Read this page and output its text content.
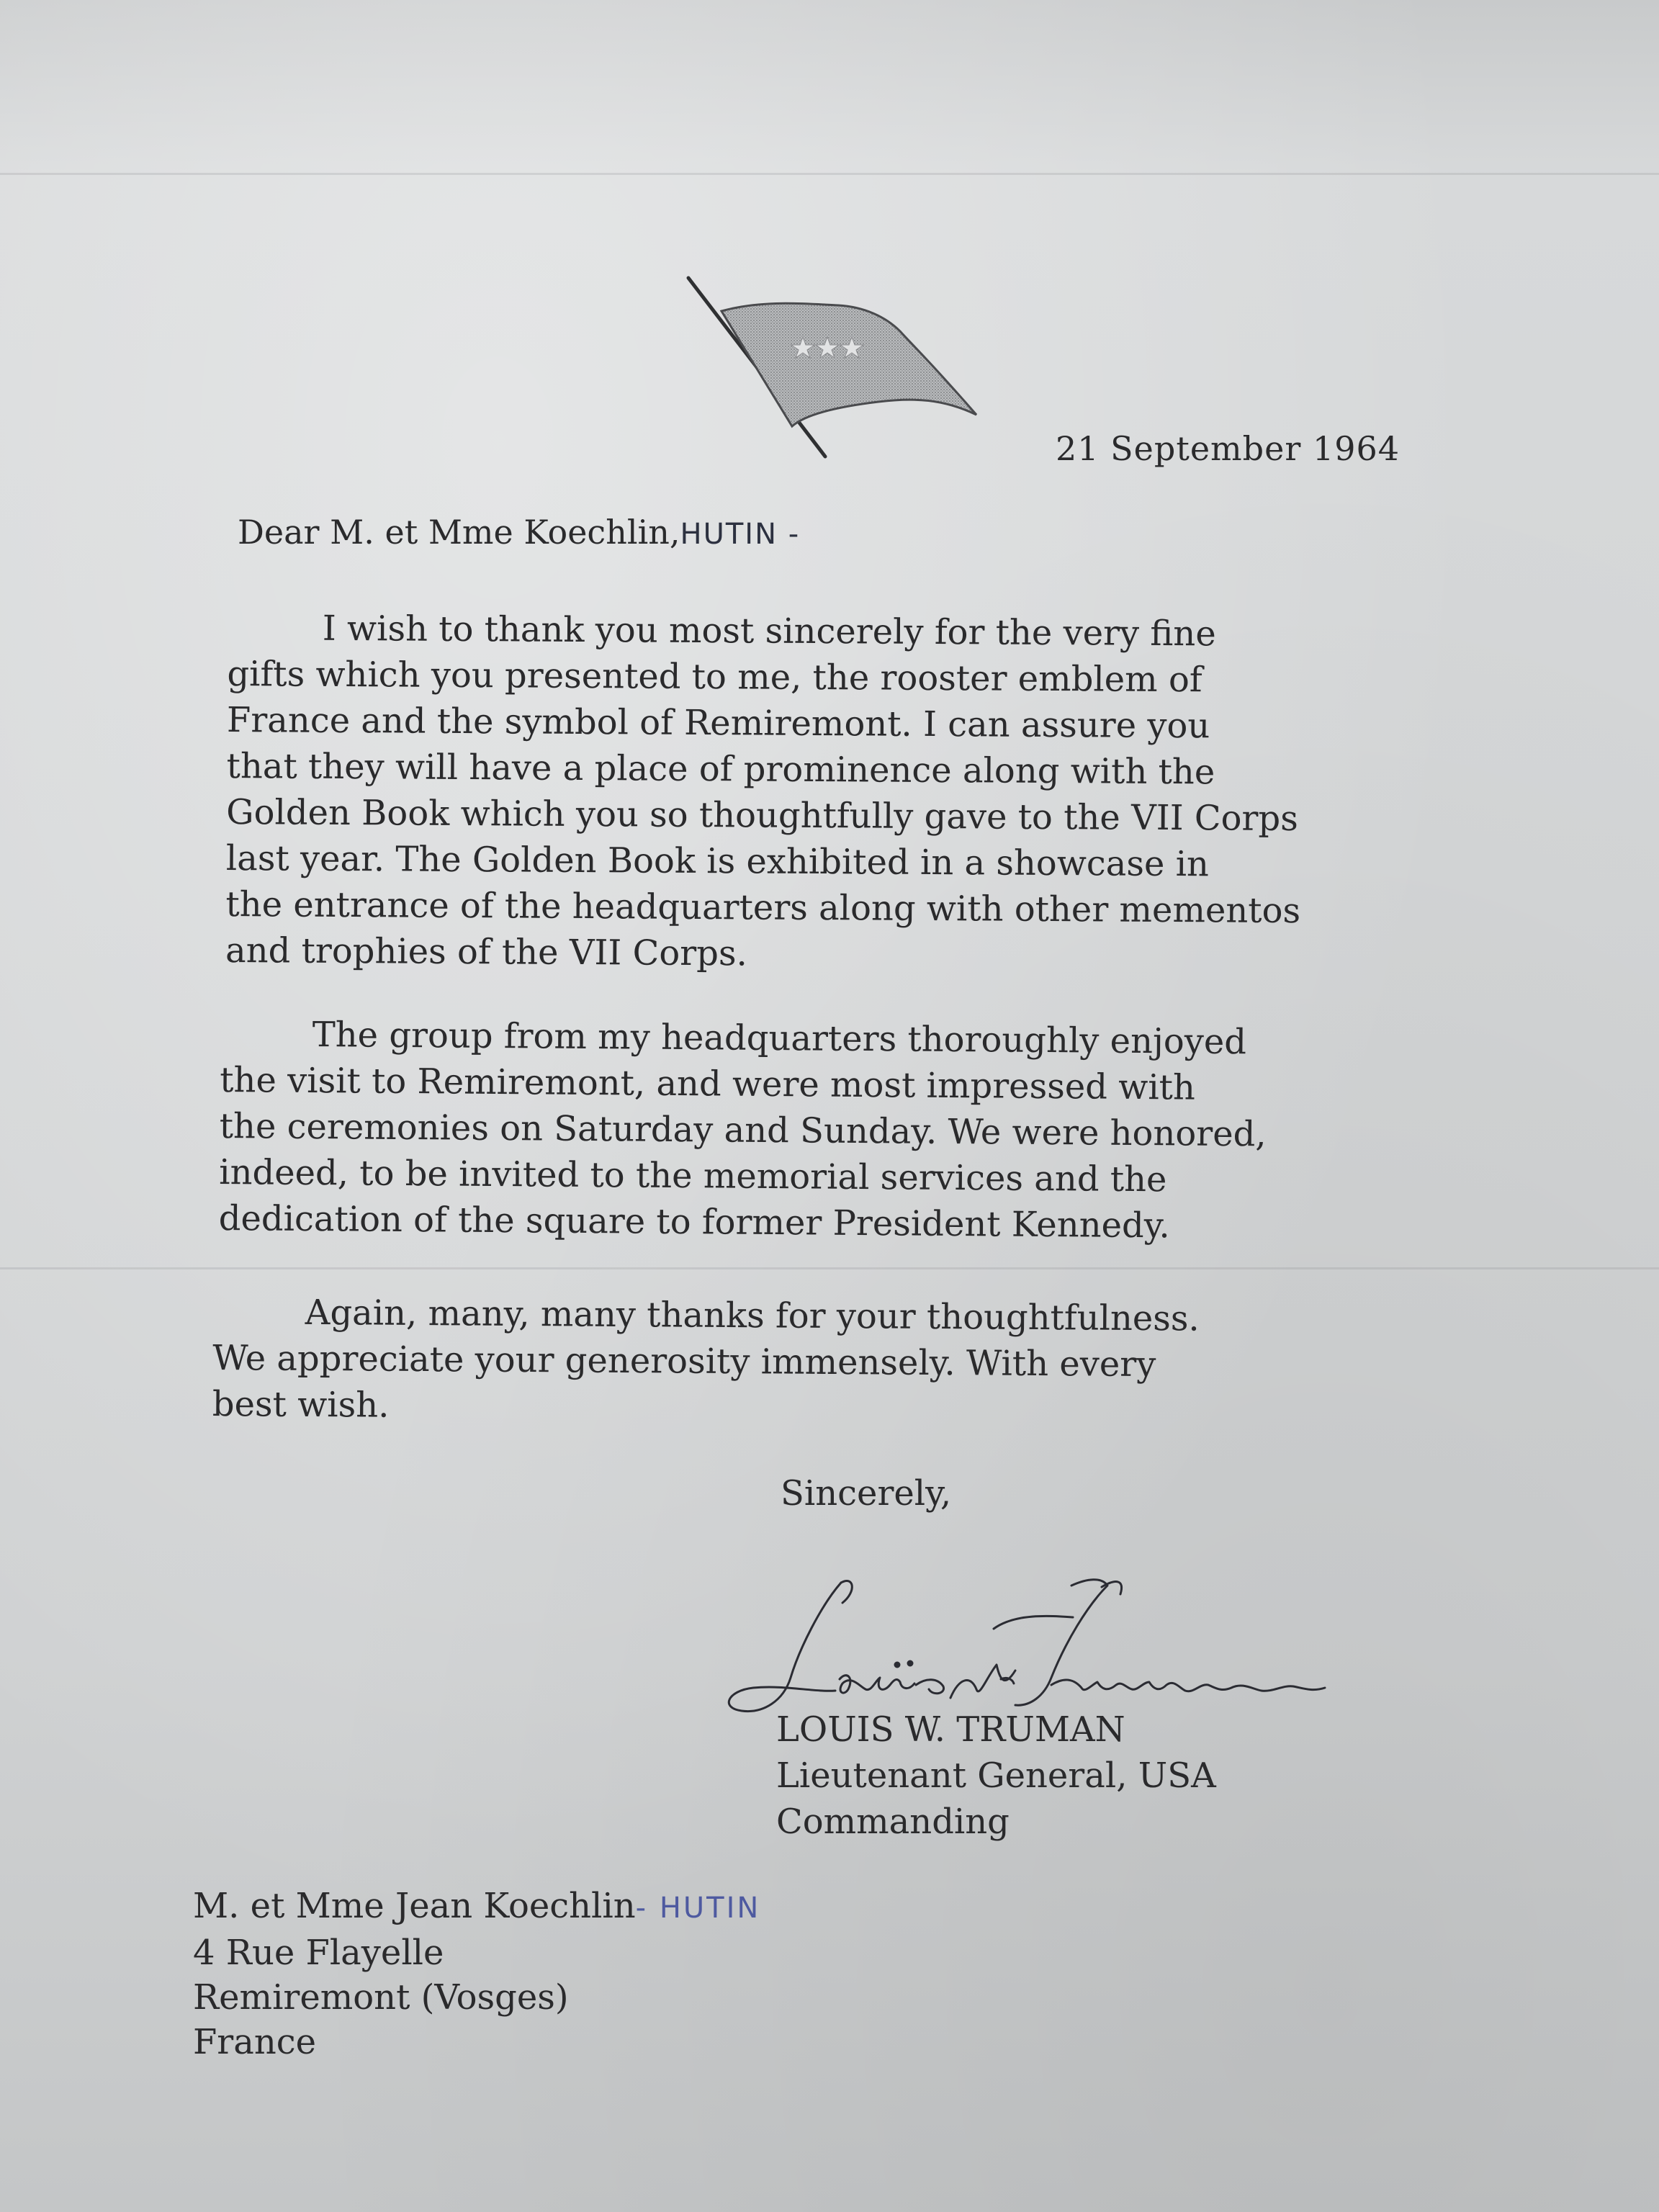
21 September 1964
Dear M. et Mme Koechlin,HUTIN -
I wish to thank you most sincerely for the very fine
gifts which you presented to me, the rooster emblem of
France and the symbol of Remiremont. I can assure you
that they will have a place of prominence along with the
Golden Book which you so thoughtfully gave to the VII Corps
last year. The Golden Book is exhibited in a showcase in
the entrance of the headquarters along with other mementos
and trophies of the VII Corps.
The group from my headquarters thoroughly enjoyed
the visit to Remiremont, and were most impressed with
the ceremonies on Saturday and Sunday. We were honored,
indeed, to be invited to the memorial services and the
dedication of the square to former President Kennedy.
Again, many, many thanks for your thoughtfulness.
We appreciate your generosity immensely. With every
best wish.
Sincerely,
LOUIS W. TRUMAN
Lieutenant General, USA
Commanding
M. et Mme Jean Koechlin- HUTIN
4 Rue Flayelle
Remiremont (Vosges)
France
